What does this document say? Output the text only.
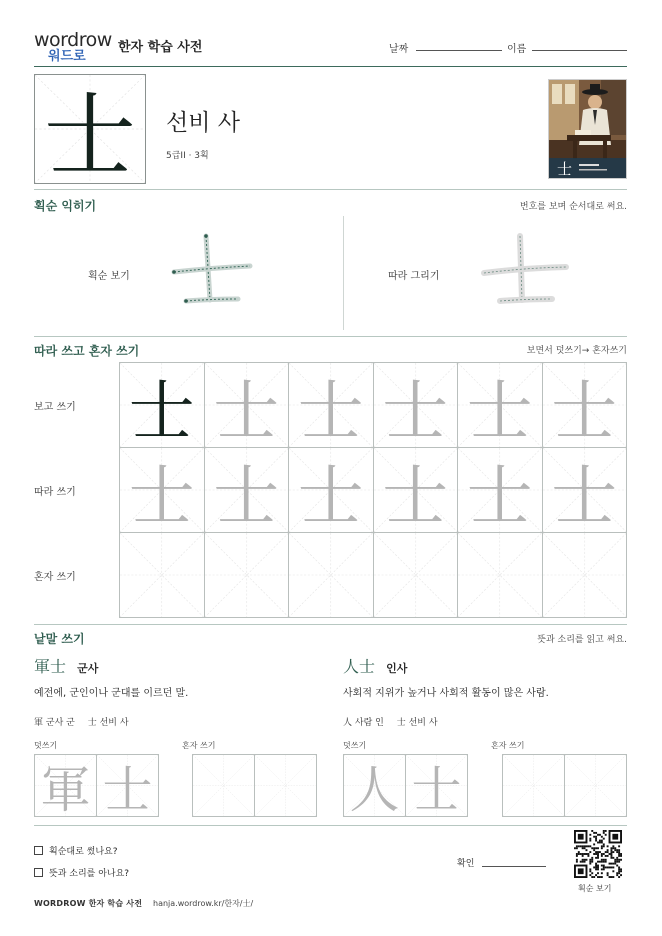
wordrow
워드로
한자 학습 사전	날짜	이름
士	선비 사
5급II · 3획
士
획순 익히기	번호를 보며 순서대로 써요.
획순 보기	따라 그리기
따라 쓰고 혼자 쓰기	보면서 덧쓰기→ 혼자쓰기
士 士 士 士 士 士
士 士 士 士 士 士
보고 쓰기
따라 쓰기
혼자 쓰기
낱말 쓰기	뜻과 소리를 읽고 써요.
軍士 군사
예전에, 군인이나 군대를 이르던 말.
軍 군사 군 士 선비 사
덧쓰기	혼자 쓰기
人士 인사
사회적 지위가 높거나 사회적 활동이 많은 사람.
人 사람 인 士 선비 사
덧쓰기	혼자 쓰기
軍 士	人 士
획순대로 썼나요?
뜻과 소리를 아나요?
확인
획순 보기
WORDROW 한자 학습 사전 hanja.wordrow.kr/한자/士/
